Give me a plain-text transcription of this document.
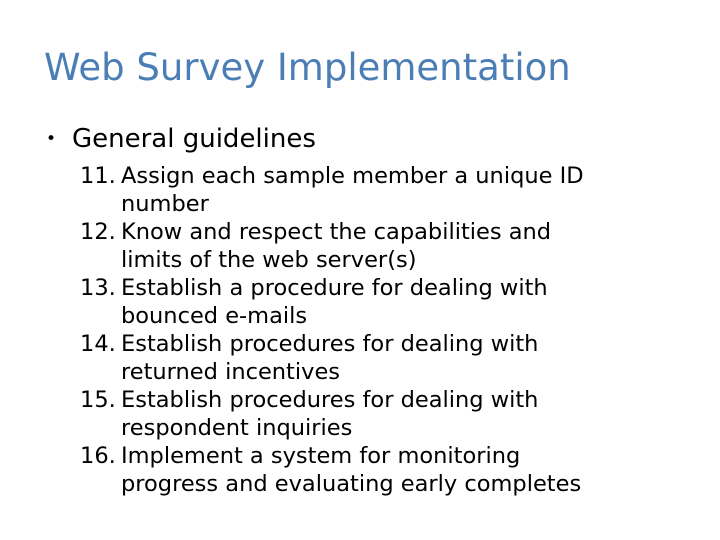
Web Survey Implementation
• General guidelines
11. Assign each sample member a unique ID
number
12. Know and respect the capabilities and
limits of the web server(s)
13. Establish a procedure for dealing with
bounced e-mails
14. Establish procedures for dealing with
returned incentives
15. Establish procedures for dealing with
respondent inquiries
16. Implement a system for monitoring
progress and evaluating early completes
